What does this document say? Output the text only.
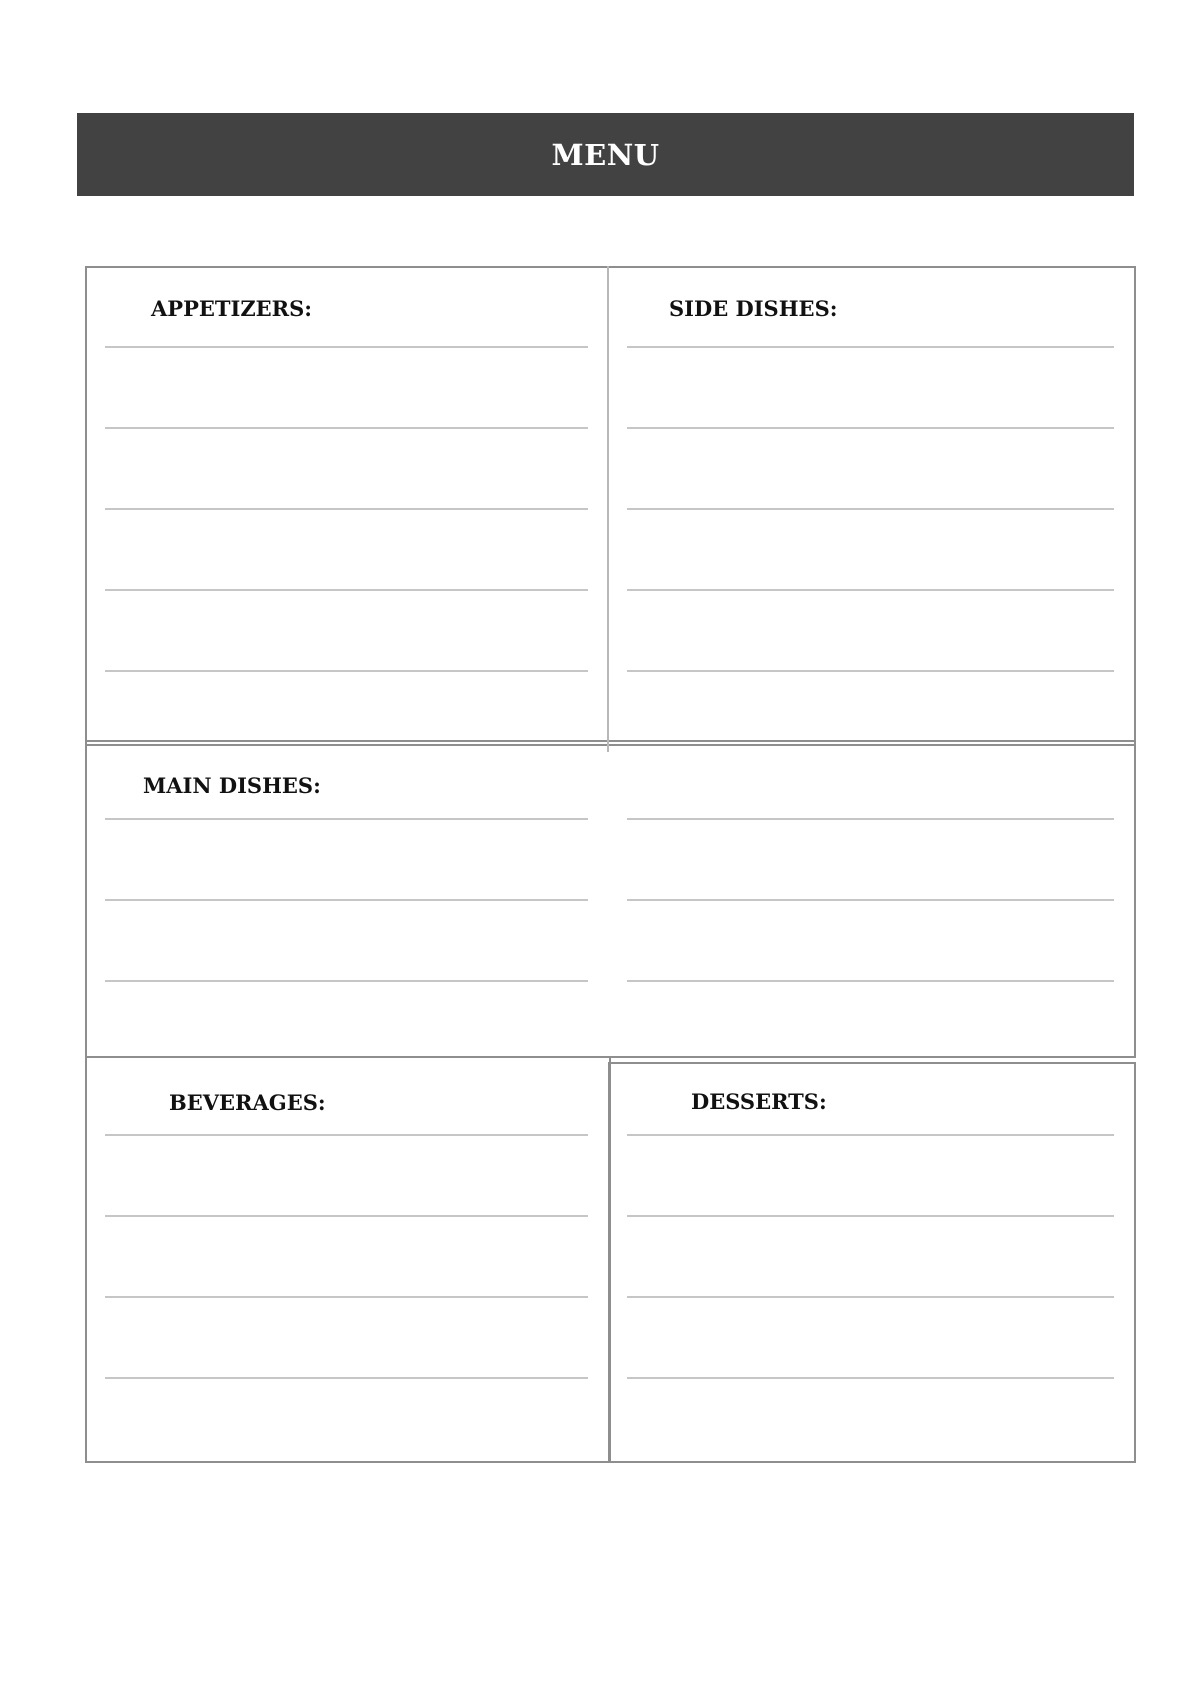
MENU
APPETIZERS:	SIDE DISHES:
MAIN DISHES:
BEVERAGES:	DESSERTS:
